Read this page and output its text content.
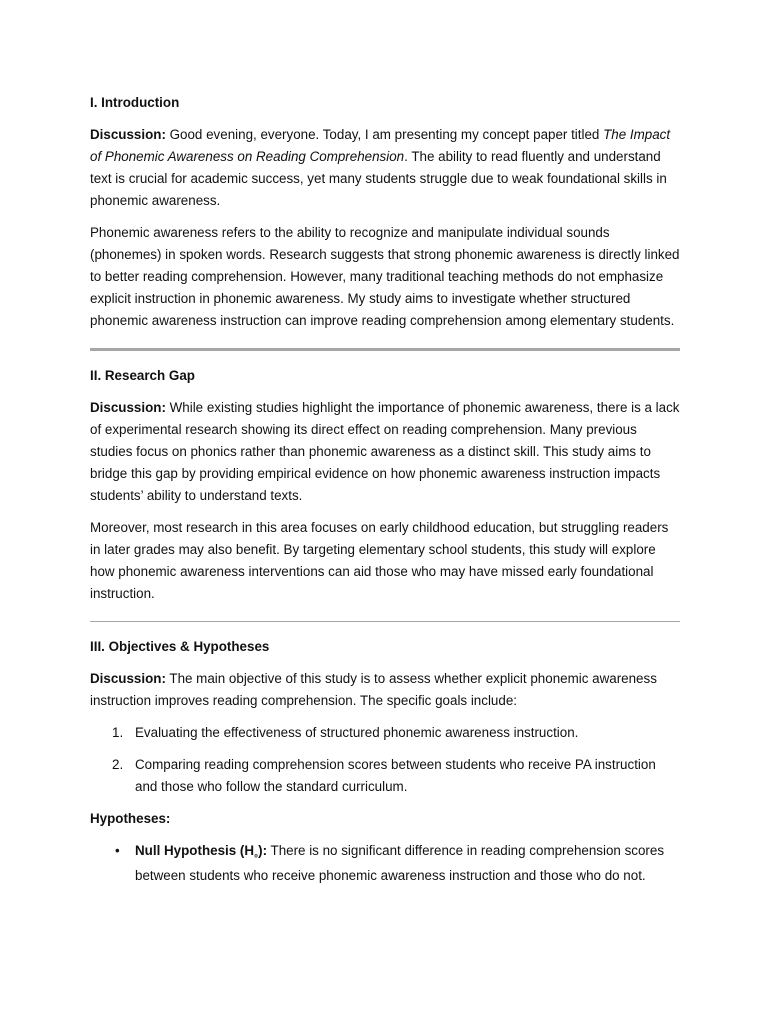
I. Introduction

Discussion: Good evening, everyone. Today, I am presenting my concept paper titled The Impact of Phonemic Awareness on Reading Comprehension. The ability to read fluently and understand text is crucial for academic success, yet many students struggle due to weak foundational skills in phonemic awareness.

Phonemic awareness refers to the ability to recognize and manipulate individual sounds (phonemes) in spoken words. Research suggests that strong phonemic awareness is directly linked to better reading comprehension. However, many traditional teaching methods do not emphasize explicit instruction in phonemic awareness. My study aims to investigate whether structured phonemic awareness instruction can improve reading comprehension among elementary students.

II. Research Gap

Discussion: While existing studies highlight the importance of phonemic awareness, there is a lack of experimental research showing its direct effect on reading comprehension. Many previous studies focus on phonics rather than phonemic awareness as a distinct skill. This study aims to bridge this gap by providing empirical evidence on how phonemic awareness instruction impacts students’ ability to understand texts.

Moreover, most research in this area focuses on early childhood education, but struggling readers in later grades may also benefit. By targeting elementary school students, this study will explore how phonemic awareness interventions can aid those who may have missed early foundational instruction.

III. Objectives & Hypotheses

Discussion: The main objective of this study is to assess whether explicit phonemic awareness instruction improves reading comprehension. The specific goals include:

1. Evaluating the effectiveness of structured phonemic awareness instruction.
2. Comparing reading comprehension scores between students who receive PA instruction and those who follow the standard curriculum.

Hypotheses:

• Null Hypothesis $(H_{_0})$: There is no significant difference in reading comprehension scores between students who receive phonemic awareness instruction and those who do not.
